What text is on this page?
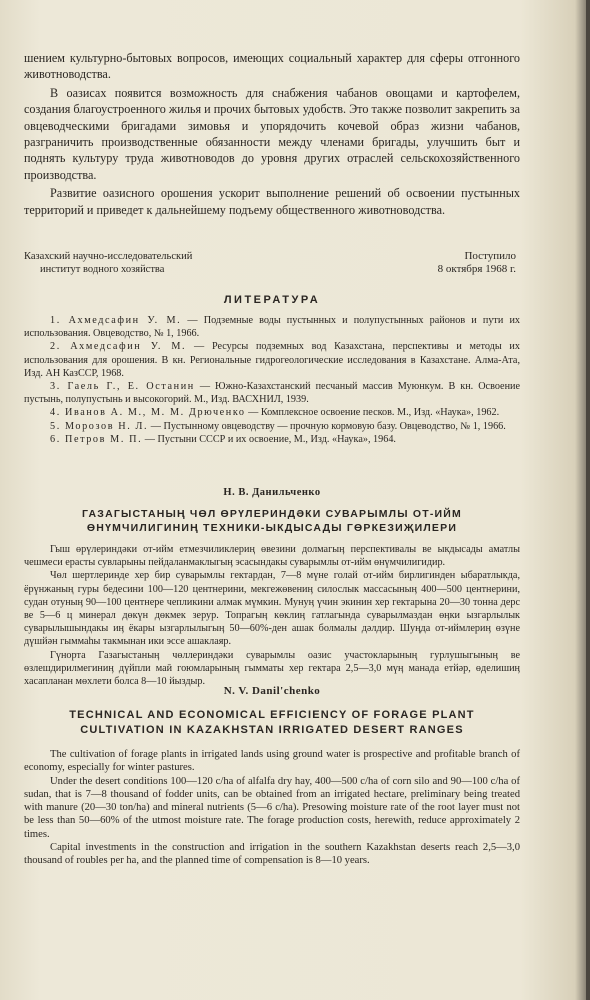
шением культурно-бытовых вопросов, имеющих социальный характер для сферы отгонного животноводства.

В оазисах появится возможность для снабжения чабанов овощами и картофелем, создания благоустроенного жилья и прочих бытовых удобств. Это также позволит закрепить за овцеводческими бригадами зимовья и упорядочить кочевой образ жизни чабанов, разграничить производственные обязанности между членами бригады, улучшить быт и поднять культуру труда животноводов до уровня других отраслей сельскохозяйственного производства.

Развитие оазисного орошения ускорит выполнение решений об освоении пустынных территорий и приведет к дальнейшему подъему общественного животноводства.

Казахский научно-исследовательский
институт водного хозяйства
Поступило
8 октября 1968 г.
ЛИТЕРАТУРА

1. Ахмедсафин У. М. — Подземные воды пустынных и полупустынных районов и пути их использования. Овцеводство, № 1, 1966.

2. Ахмедсафин У. М. — Ресурсы подземных вод Казахстана, перспективы и методы их использования для орошения. В кн. Региональные гидрогеологические исследования в Казахстане. Алма-Ата, Изд. АН КазССР, 1968.

3. Гаель Г., Е. Останин — Южно-Казахстанский песчаный массив Муюнкум. В кн. Освоение пустынь, полупустынь и высокогорий. М., Изд. ВАСХНИЛ, 1939.

4. Иванов А. М., М. М. Дрюченко — Комплексное освоение песков. М., Изд. «Наука», 1962.

5. Морозов Н. Л. — Пустынному овцеводству — прочную кормовую базу. Овцеводство, № 1, 1966.

6. Петров М. П. — Пустыни СССР и их освоение, М., Изд. «Наука», 1964.

Н. В. Данильченко
ГАЗАГЫСТАНЫҢ ЧӨЛ ӨРҮЛЕРИНДӘКИ СУВАРЫМЛЫ ОТ-ИЙМ
ӨНҮМЧИЛИГИНИҢ ТЕХНИКИ-ЫКДЫСАДЫ ГӨРКЕЗИҖИЛЕРИ

Гыш өрүлериндәки от-ийм етмезчиликлериң өвезини долмагыӊ перспективалы ве ыкдысады аматлы чешмеси ерасты сувларыны пейдаланмаклыгыӊ эсасындакы суварымлы от-ийм өнүмчилигидир.

Чөл шертлеринде хер бир суварымлы гектардан, 7—8 мүне голай от-ийм бирлигинден ыбаратлыкда, ёрүнжаның гуры бедесини 100—120 центнерини, мекгежөвениӊ силослык массасыныӊ 400—500 центнерини, судан отуныӊ 90—100 центнере чепликини алмак мүмкин. Мунуӊ үчин экинин хер гектарына 20—30 тонна дерс ве 5—6 ц минерал дөкүн дөкмек зерур. Топрагыӊ көклиӊ гатлагында суварылмаздан өӊки ызгарлылык суварылышындакы иӊ ёкары ызгарлылыгыӊ 50—60%-ден ашак болмалы дәлдир. Шуӊда от-иймлериӊ өзүне дүшйән гыммаһы такмынан ики эссе ашаклаяр.

Гүнорта Газагыстаныӊ чөллериндәки суварымлы оазис участокларының гурлушыгыныӊ ве өзлешдирилмегиниӊ дүйпли маӣ гоюмларының гымматы хер гектара 2,5—3,0 мүӊ манада етйәр, өделишиӊ хасапланан мөхлети болса 8—10 йыздыр.

N. V. Danil'chenko
TECHNICAL AND ECONOMICAL EFFICIENCY OF FORAGE PLANT
CULTIVATION IN KAZAKHSTAN IRRIGATED DESERT RANGES

The cultivation of forage plants in irrigated lands using ground water is prospective and profitable branch of economy, especially for winter pastures.

Under the desert conditions 100—120 c/ha of alfalfa dry hay, 400—500 c/ha of corn silo and 90—100 c/ha of sudan, that is 7—8 thousand of fodder units, can be obtained from an irrigated hectare, preliminary being treated with manure (20—30 ton/ha) and mineral nutrients (5—6 c/ha). Presowing moisture rate of the root layer must not be less than 50—60% of the utmost moisture rate. The forage production costs, herewith, reduce approximately 2 times.

Capital investments in the construction and irrigation in the southern Kazakhstan deserts reach 2,5—3,0 thousand of roubles per ha, and the planned time of compensation is 8—10 years.
